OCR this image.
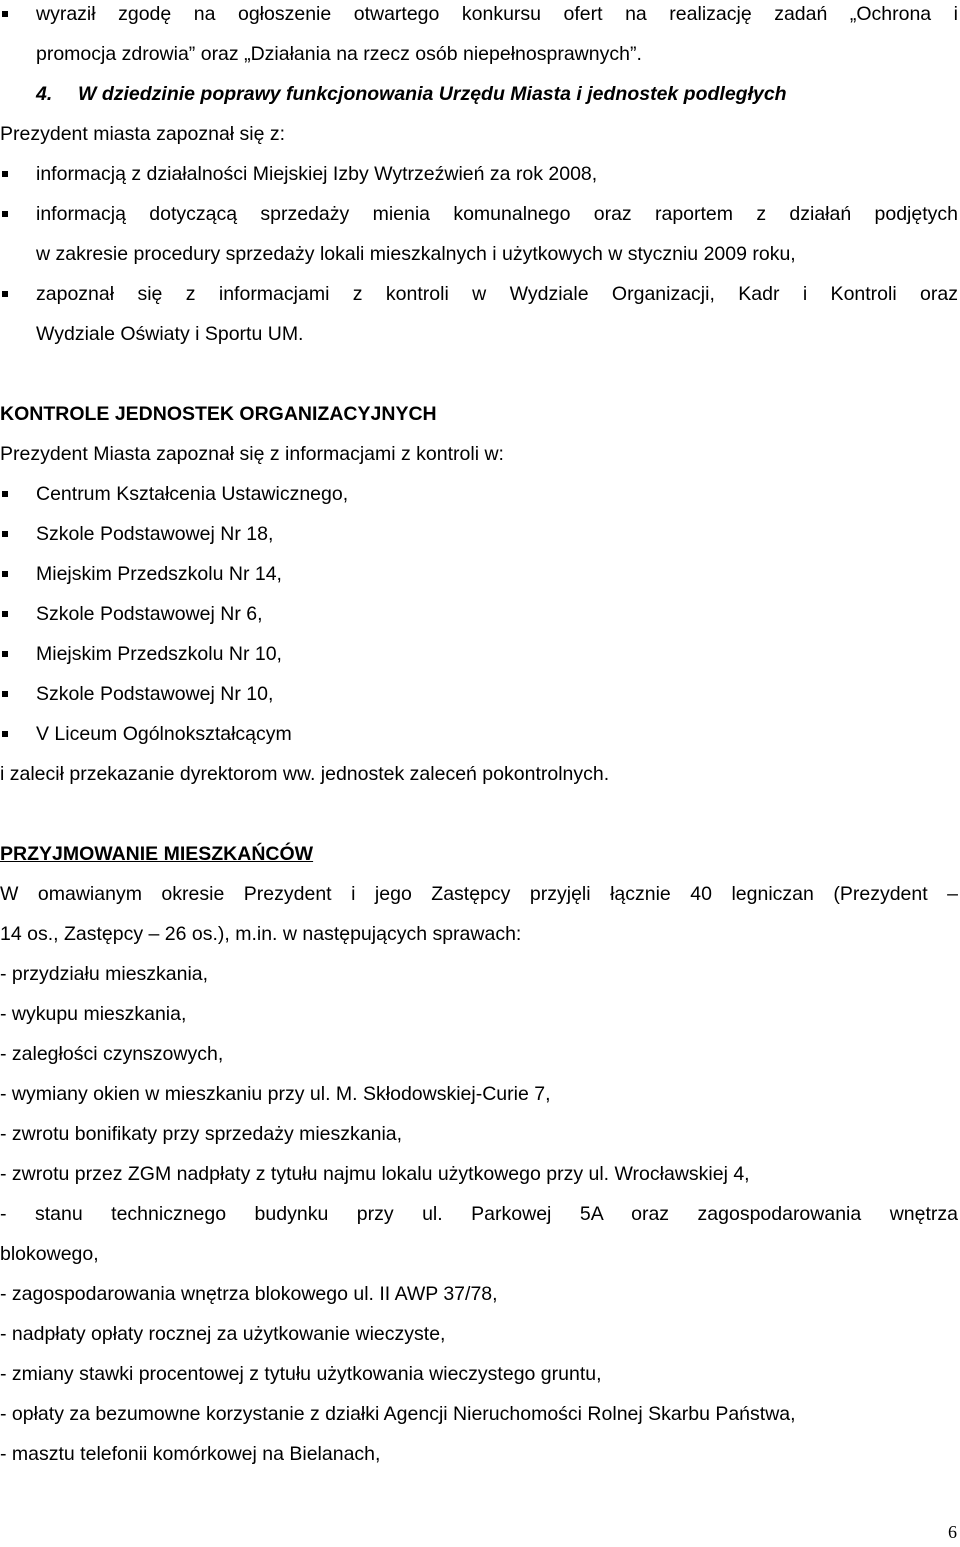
wyraził zgodę na ogłoszenie otwartego konkursu ofert na realizację zadań „Ochrona i

promocja zdrowia” oraz „Działania na rzecz osób niepełnosprawnych”.

4. W dziedzinie poprawy funkcjonowania Urzędu Miasta i jednostek podległych

Prezydent miasta zapoznał się z:

informacją z działalności Miejskiej Izby Wytrzeźwień za rok 2008,

informacją dotyczącą sprzedaży mienia komunalnego oraz raportem z działań podjętych

w zakresie procedury sprzedaży lokali mieszkalnych i użytkowych w styczniu 2009 roku,

zapoznał się z informacjami z kontroli w Wydziale Organizacji, Kadr i Kontroli oraz

Wydziale Oświaty i Sportu UM.

KONTROLE JEDNOSTEK ORGANIZACYJNYCH

Prezydent Miasta zapoznał się z informacjami z kontroli w:

Centrum Kształcenia Ustawicznego,

Szkole Podstawowej Nr 18,

Miejskim Przedszkolu Nr 14,

Szkole Podstawowej Nr 6,

Miejskim Przedszkolu Nr 10,

Szkole Podstawowej Nr 10,

V Liceum Ogólnokształcącym

i zalecił przekazanie dyrektorom ww. jednostek zaleceń pokontrolnych.

PRZYJMOWANIE MIESZKAŃCÓW

W omawianym okresie Prezydent i jego Zastępcy przyjęli łącznie 40 legniczan (Prezydent –

14 os., Zastępcy – 26 os.), m.in. w następujących sprawach:

- przydziału mieszkania,

- wykupu mieszkania,

- zaległości czynszowych,

- wymiany okien w mieszkaniu przy ul. M. Skłodowskiej-Curie 7,

- zwrotu bonifikaty przy sprzedaży mieszkania,

- zwrotu przez ZGM nadpłaty z tytułu najmu lokalu użytkowego przy ul. Wrocławskiej 4,

- stanu technicznego budynku przy ul. Parkowej 5A oraz zagospodarowania wnętrza

blokowego,

- zagospodarowania wnętrza blokowego ul. II AWP 37/78,

- nadpłaty opłaty rocznej za użytkowanie wieczyste,

- zmiany stawki procentowej z tytułu użytkowania wieczystego gruntu,

- opłaty za bezumowne korzystanie z działki Agencji Nieruchomości Rolnej Skarbu Państwa,

- masztu telefonii komórkowej na Bielanach,

6
